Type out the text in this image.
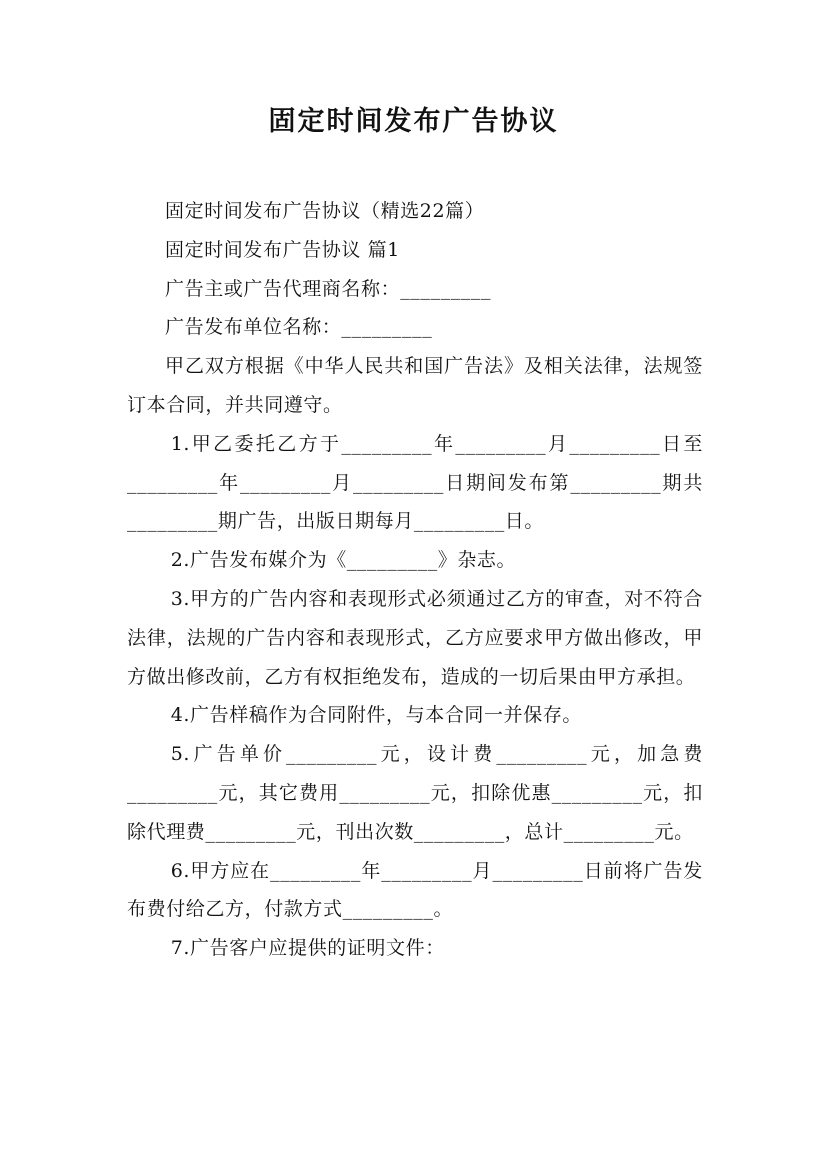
固定时间发布广告协议

固定时间发布广告协议（精选22篇）

固定时间发布广告协议 篇1

广告主或广告代理商名称：_________

广告发布单位名称：_________

甲乙双方根据《中华人民共和国广告法》及相关法律，法规签订本合同，并共同遵守。

1.甲乙委托乙方于_________年_________月_________日至_________年_________月_________日期间发布第_________期共_________期广告，出版日期每月_________日。

2.广告发布媒介为《_________》杂志。

3.甲方的广告内容和表现形式必须通过乙方的审查，对不符合法律，法规的广告内容和表现形式，乙方应要求甲方做出修改，甲方做出修改前，乙方有权拒绝发布，造成的一切后果由甲方承担。

4.广告样稿作为合同附件，与本合同一并保存。

5.广告单价_________元，设计费_________元，加急费_________元，其它费用_________元，扣除优惠_________元，扣除代理费_________元，刊出次数_________，总计_________元。

6.甲方应在_________年_________月_________日前将广告发布费付给乙方，付款方式_________。

7.广告客户应提供的证明文件：
